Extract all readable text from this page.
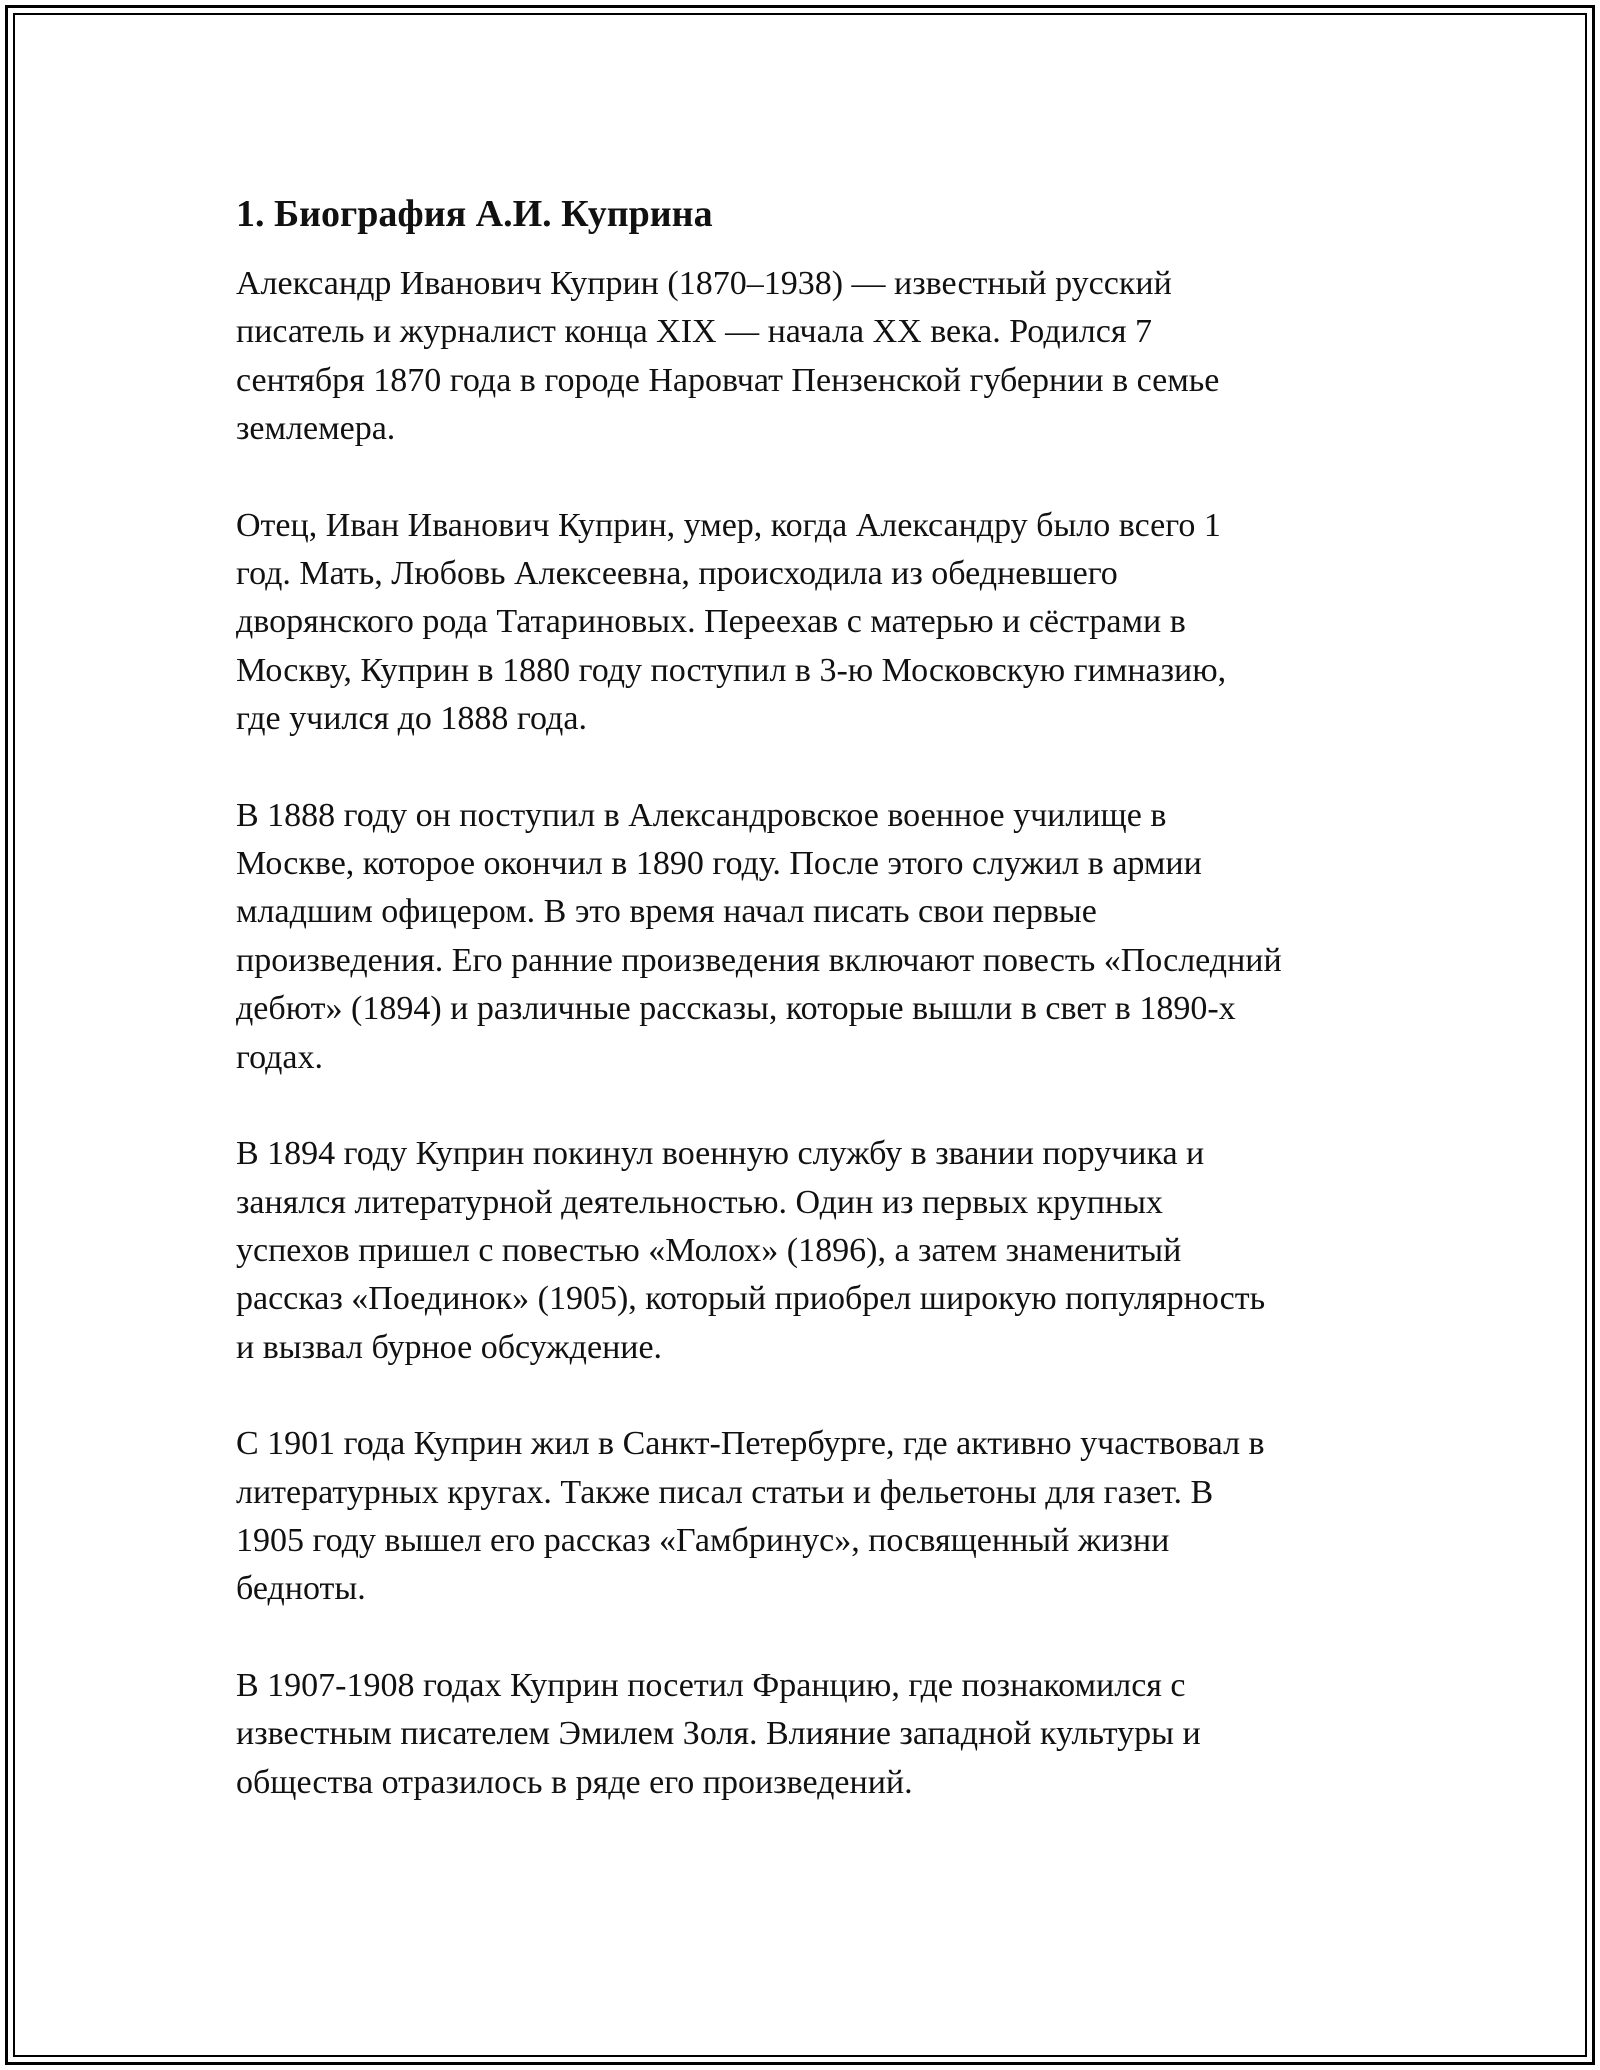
1. Биография А.И. Куприна

Александр Иванович Куприн (1870–1938) — известный русский
писатель и журналист конца XIX — начала XX века. Родился 7
сентября 1870 года в городе Наровчат Пензенской губернии в семье
землемера.

Отец, Иван Иванович Куприн, умер, когда Александру было всего 1
год. Мать, Любовь Алексеевна, происходила из обедневшего
дворянского рода Татариновых. Переехав с матерью и сёстрами в
Москву, Куприн в 1880 году поступил в 3-ю Московскую гимназию,
где учился до 1888 года.

В 1888 году он поступил в Александровское военное училище в
Москве, которое окончил в 1890 году. После этого служил в армии
младшим офицером. В это время начал писать свои первые
произведения. Его ранние произведения включают повесть «Последний
дебют» (1894) и различные рассказы, которые вышли в свет в 1890-х
годах.

В 1894 году Куприн покинул военную службу в звании поручика и
занялся литературной деятельностью. Один из первых крупных
успехов пришел с повестью «Молох» (1896), а затем знаменитый
рассказ «Поединок» (1905), который приобрел широкую популярность
и вызвал бурное обсуждение.

С 1901 года Куприн жил в Санкт-Петербурге, где активно участвовал в
литературных кругах. Также писал статьи и фельетоны для газет. В
1905 году вышел его рассказ «Гамбринус», посвященный жизни
бедноты.

В 1907-1908 годах Куприн посетил Францию, где познакомился с
известным писателем Эмилем Золя. Влияние западной культуры и
общества отразилось в ряде его произведений.
